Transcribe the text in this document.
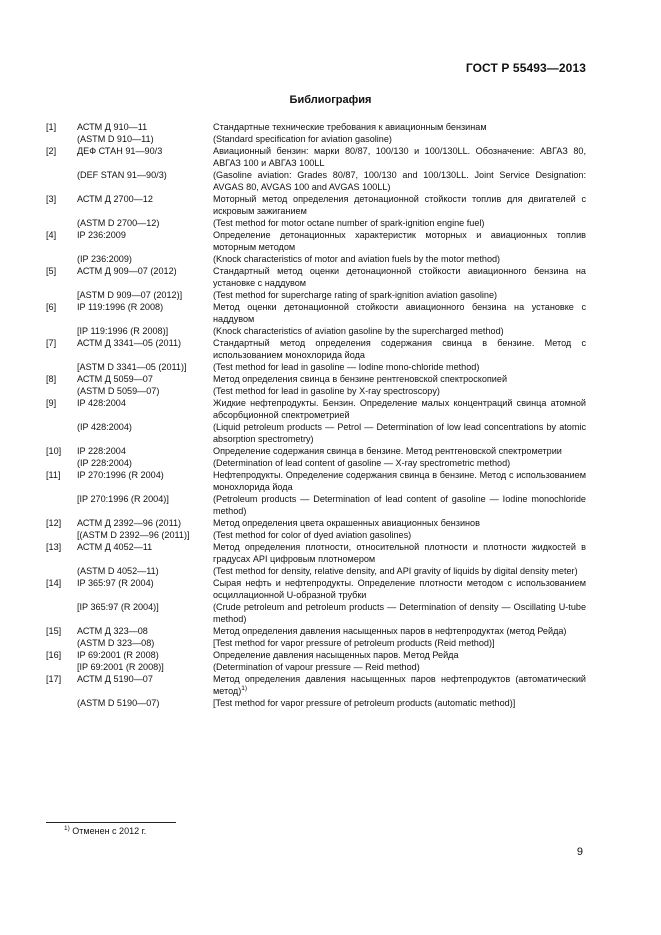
ГОСТ Р 55493—2013
Библиография
[1]	АСТМ Д 910—11	Стандартные технические требования к авиационным бензинам
(ASTM D 910—11)	(Standard specification for aviation gasoline)
[2]	ДЕФ СТАН 91—90/3	Авиационный бензин: марки 80/87, 100/130 и 100/130LL. Обозначение: АВГАЗ 80, АВГАЗ 100 и АВГАЗ 100LL
(DEF STAN 91—90/3)	(Gasoline aviation: Grades 80/87, 100/130 and 100/130LL. Joint Service Designation: AVGAS 80, AVGAS 100 and AVGAS 100LL)
[3]	АСТМ Д 2700—12	Моторный метод определения детонационной стойкости топлив для двигателей с искровым зажиганием
(ASTM D 2700—12)	(Test method for motor octane number of spark-ignition engine fuel)
[4]	IP 236:2009	Определение детонационных характеристик моторных и авиационных топлив моторным методом
(IP 236:2009)	(Knock characteristics of motor and aviation fuels by the motor method)
[5]	АСТМ Д 909—07 (2012)	Стандартный метод оценки детонационной стойкости авиационного бензина на установке с наддувом
[ASTM D 909—07 (2012)]	(Test method for supercharge rating of spark-ignition aviation gasoline)
[6]	IP 119:1996 (R 2008)	Метод оценки детонационной стойкости авиационного бензина на установке с наддувом
[IP 119:1996 (R 2008)]	(Knock characteristics of aviation gasoline by the supercharged method)
[7]	АСТМ Д 3341—05 (2011)	Стандартный метод определения содержания свинца в бензине. Метод с использованием монохлорида йода
[ASTM D 3341—05 (2011)]	(Test method for lead in gasoline — Iodine mono-chloride method)
[8]	АСТМ Д 5059—07	Метод определения свинца в бензине рентгеновской спектроскопией
(ASTM D 5059—07)	(Test method for lead in gasoline by X-ray spectroscopy)
[9]	IP 428:2004	Жидкие нефтепродукты. Бензин. Определение малых концентраций свинца атомной абсорбционной спектрометрией
(IP 428:2004)	(Liquid petroleum products — Petrol — Determination of low lead concentrations by atomic absorption spectrometry)
[10]	IP 228:2004	Определение содержания свинца в бензине. Метод рентгеновской спектрометрии
(IP 228:2004)	(Determination of lead content of gasoline — X-ray spectrometric method)
[11]	IP 270:1996 (R 2004)	Нефтепродукты. Определение содержания свинца в бензине. Метод с использованием монохлорида йода
[IP 270:1996 (R 2004)]	(Petroleum products — Determination of lead content of gasoline — Iodine monochloride method)
[12]	АСТМ Д 2392—96 (2011)	Метод определения цвета окрашенных авиационных бензинов
[(ASTM D 2392—96 (2011)]	(Test method for color of dyed aviation gasolines)
[13]	АСТМ Д 4052—11	Метод определения плотности, относительной плотности и плотности жидкостей в градусах API цифровым плотномером
(ASTM D 4052—11)	(Test method for density, relative density, and API gravity of liquids by digital density meter)
[14]	IP 365:97 (R 2004)	Сырая нефть и нефтепродукты. Определение плотности методом с использованием осциллационной U-образной трубки
[IP 365:97 (R 2004)]	(Crude petroleum and petroleum products — Determination of density — Oscillating U-tube method)
[15]	АСТМ Д 323—08	Метод определения давления насыщенных паров в нефтепродуктах (метод Рейда)
(ASTM D 323—08)	[Test method for vapor pressure of petroleum products (Reid method)]
[16]	IP 69:2001 (R 2008)	Определение давления насыщенных паров. Метод Рейда
[IP 69:2001 (R 2008)]	(Determination of vapour pressure — Reid method)
[17]	АСТМ Д 5190—07	Метод определения давления насыщенных паров нефтепродуктов (автоматический метод)$^{1)}$
(ASTM D 5190—07)	[Test method for vapor pressure of petroleum products (automatic method)]
$^{1)}$ Отменен с 2012 г.
9
